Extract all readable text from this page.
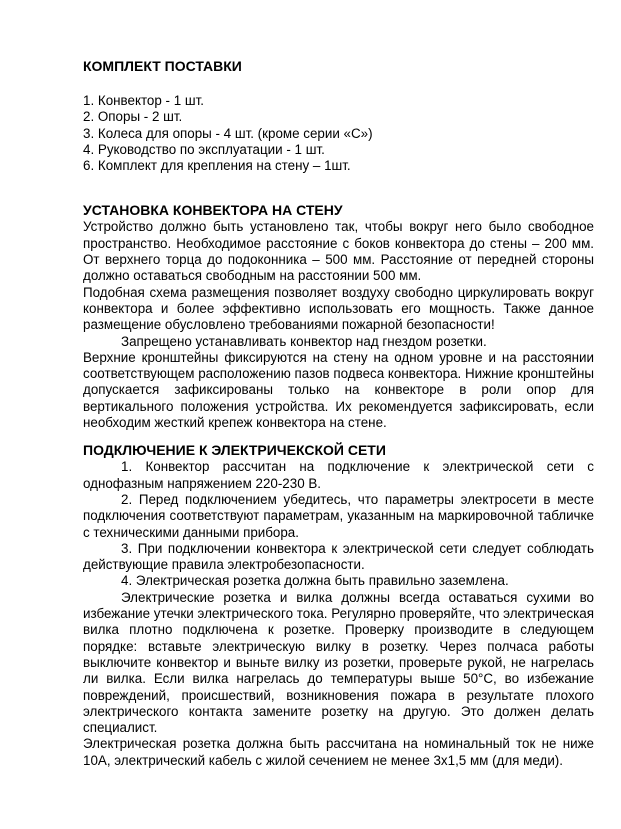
КОМПЛЕКТ ПОСТАВКИ
1. Конвектор - 1 шт.
2. Опоры - 2 шт.
3. Колеса для опоры - 4 шт. (кроме серии «С»)
4. Руководство по эксплуатации - 1 шт.
6. Комплект для крепления на стену – 1шт.
УСТАНОВКА КОНВЕКТОРА НА СТЕНУ

Устройство должно быть установлено так, чтобы вокруг него было свободное пространство. Необходимое расстояние с боков конвектора до стены – 200 мм. От верхнего торца до подоконника – 500 мм. Расстояние от передней стороны должно оставаться свободным на расстоянии 500 мм.

Подобная схема размещения позволяет воздуху свободно циркулировать вокруг конвектора и более эффективно использовать его мощность. Также данное размещение обусловлено требованиями пожарной безопасности!

Запрещено устанавливать конвектор над гнездом розетки.

Верхние кронштейны фиксируются на стену на одном уровне и на расстоянии соответствующем расположению пазов подвеса конвектора. Нижние кронштейны допускается зафиксированы только на конвекторе в роли опор для вертикального положения устройства. Их рекомендуется зафиксировать, если необходим жесткий крепеж конвектора на стене.

ПОДКЛЮЧЕНИЕ К ЭЛЕКТРИЧЕКСКОЙ СЕТИ

1. Конвектор рассчитан на подключение к электрической сети с однофазным напряжением 220-230 В.

2. Перед подключением убедитесь, что параметры электросети в месте подключения соответствуют параметрам, указанным на маркировочной табличке с техническими данными прибора.

3. При подключении конвектора к электрической сети следует соблюдать действующие правила электробезопасности.

4. Электрическая розетка должна быть правильно заземлена.

Электрические розетка и вилка должны всегда оставаться сухими во избежание утечки электрического тока. Регулярно проверяйте, что электрическая вилка плотно подключена к розетке. Проверку производите в следующем порядке: вставьте электрическую вилку в розетку. Через полчаса работы выключите конвектор и выньте вилку из розетки, проверьте рукой, не нагрелась ли вилка. Если вилка нагрелась до температуры выше 50°С, во избежание повреждений, происшествий, возникновения пожара в результате плохого электрического контакта замените розетку на другую. Это должен делать специалист.

Электрическая розетка должна быть рассчитана на номинальный ток не ниже 10А, электрический кабель с жилой сечением не менее 3х1,5 мм (для меди).
